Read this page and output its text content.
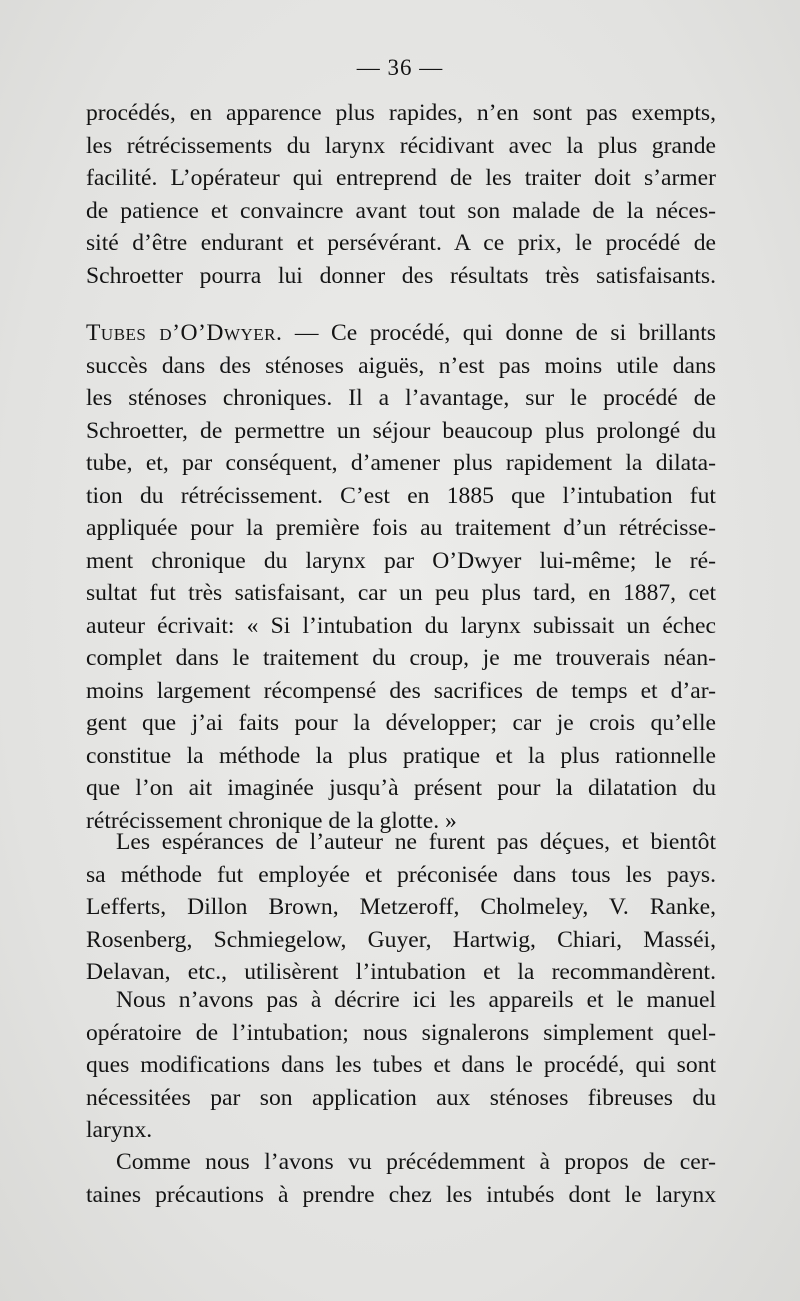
— 36 —
procédés, en apparence plus rapides, n’en sont pas exempts,
les rétrécissements du larynx récidivant avec la plus grande
facilité. L’opérateur qui entreprend de les traiter doit s’armer
de patience et convaincre avant tout son malade de la néces-
sité d’être endurant et persévérant. A ce prix, le procédé de
Schroetter pourra lui donner des résultats très satisfaisants.
Tubes d’O’Dwyer. — Ce procédé, qui donne de si brillants
succès dans des sténoses aiguës, n’est pas moins utile dans
les sténoses chroniques. Il a l’avantage, sur le procédé de
Schroetter, de permettre un séjour beaucoup plus prolongé du
tube, et, par conséquent, d’amener plus rapidement la dilata-
tion du rétrécissement. C’est en 1885 que l’intubation fut
appliquée pour la première fois au traitement d’un rétrécisse-
ment chronique du larynx par O’Dwyer lui-même; le ré-
sultat fut très satisfaisant, car un peu plus tard, en 1887, cet
auteur écrivait: « Si l’intubation du larynx subissait un échec
complet dans le traitement du croup, je me trouverais néan-
moins largement récompensé des sacrifices de temps et d’ar-
gent que j’ai faits pour la développer; car je crois qu’elle
constitue la méthode la plus pratique et la plus rationnelle
que l’on ait imaginée jusqu’à présent pour la dilatation du
rétrécissement chronique de la glotte. »
Les espérances de l’auteur ne furent pas déçues, et bientôt
sa méthode fut employée et préconisée dans tous les pays.
Lefferts, Dillon Brown, Metzeroff, Cholmeley, V. Ranke,
Rosenberg, Schmiegelow, Guyer, Hartwig, Chiari, Masséi,
Delavan, etc., utilisèrent l’intubation et la recommandèrent.
Nous n’avons pas à décrire ici les appareils et le manuel
opératoire de l’intubation; nous signalerons simplement quel-
ques modifications dans les tubes et dans le procédé, qui sont
nécessitées par son application aux sténoses fibreuses du
larynx.
Comme nous l’avons vu précédemment à propos de cer-
taines précautions à prendre chez les intubés dont le larynx
